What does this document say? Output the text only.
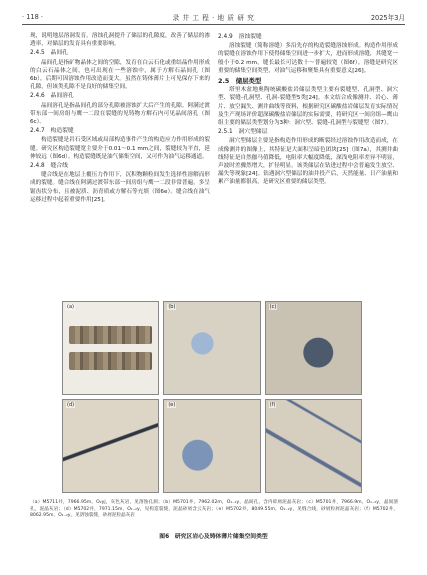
· 118 ·	录 井 工 程 · 地 质 研 究	2025年3月

现，说明地层溶洞发育。溶蚀孔洞提升了储层的孔隙度，改善了储层的渗透率，对储层的发育具有重要影响。

2.4.5　晶间孔

晶间孔是指矿物晶体之间的空隙，发育在白云石化或重结晶作用形成的白云石晶体之间，也可出现在一些溶蚀中，属于方解石晶间孔（图6b），后期可因溶蚀作用改造而变大。虽然在铸体薄片上可见保存下来的孔隙，但该类孔隙不是良好的储集空间。

2.4.6　晶间溶孔

晶间溶孔是指晶间孔的部分孔隙被溶蚀扩大后产生的孔隙。阿满过渡带东部一间房组与鹰一二段在裂缝的见铸物方解石内可见晶间溶孔（图6c）。

2.4.7　构造裂缝

构造裂缝是岩石受区域或局部构造事件产生的构造应力作用形成的裂缝。研究区构造裂缝宽主要介于0.01～0.1 mm之间，裂缝较为平直，延伸较远（图6d）。构造裂缝既是油气储集空间，又可作为油气运移通道。

2.4.8　缝合线

缝合线是在地层上覆压力作用下，沉积物颗粒间发生选择性溶解而形成的裂缝。缝合线在阿满过渡带东部一间房组与鹰一二段非常普遍，多呈锯齿状分布，且被泥质、沥青质或方解石等充填（图6e）。缝合线在油气运移过程中起着重要作用[25]。

2.4.9　溶蚀裂缝

溶蚀裂缝（简称溶缝）多沿先存的构造裂缝溶蚀形成。构造作用形成的裂缝在溶蚀作用下使得储集空间进一步扩大，进而形成溶缝，其缝宽一般小于0.2 mm，缝长最长可达数十～普遍较宽（图6f）。溶缝是研究区重要的储集空间类型，对油气运移和聚集具有重要意义[26]。

2.5　储层类型

塔里木盆地奥陶统碳酸盐岩储层类型主要有裂缝型、孔洞型、洞穴型、裂缝-孔洞型、孔洞-裂缝型5类[24]。本文结合成像测井、岩心、薄片、放空漏失、测井曲线等资料，根据研究区碳酸盐岩储层发育实际情况及生产现场评价超深碳酸盐岩储层的实际需要，将研究区一间房组—鹰山组主要的储层类型划分为3种：洞穴型、裂缝-孔洞型与裂缝型（图7）。

2.5.1　洞穴型储层

洞穴型储层主要是指构造作用形成的断裂经过溶蚀作用改造而成，在成像测井的图像上，其特征是大面积呈暗色团块[25]（图7a），其测井曲线特征是自然伽马值降低，电阻率大幅度降低，深浅电阻率差异不明显，声波时差骤然增大，扩径明显。该类储层在钻进过程中会普遍发生放空、漏失等现象[24]。钻遇洞穴型储层的油井投产后，天然能量、日产油量和累产油量都很高，是研究区重要的储层类型。

(a)	(b)	(c)
(d)	(e)	(f)
（a）M5711井，7966.95m，O₂yj，灰色灰岩，见溶蚀孔洞；（b）M5701井，7962.02m，O₁₋₂y，晶间孔，含内碎屑泥晶灰岩；（c）M5701井，7966.9m，O₁₋₂y，晶间溶孔，泥晶灰岩；（d）M5702井，7971.15m，O₁₋₂y，见构造裂缝，泥晶砂屑含云灰岩；（e）M5702井，8049.55m，O₁₋₂y，见缝合线，砂屑粒屑泥晶灰岩；（f）M5702井，8062.95m，O₁₋₂y，见溶蚀裂缝，砂屑泥粒晶灰岩
图6　研究区岩心及铸体薄片储集空间类型
